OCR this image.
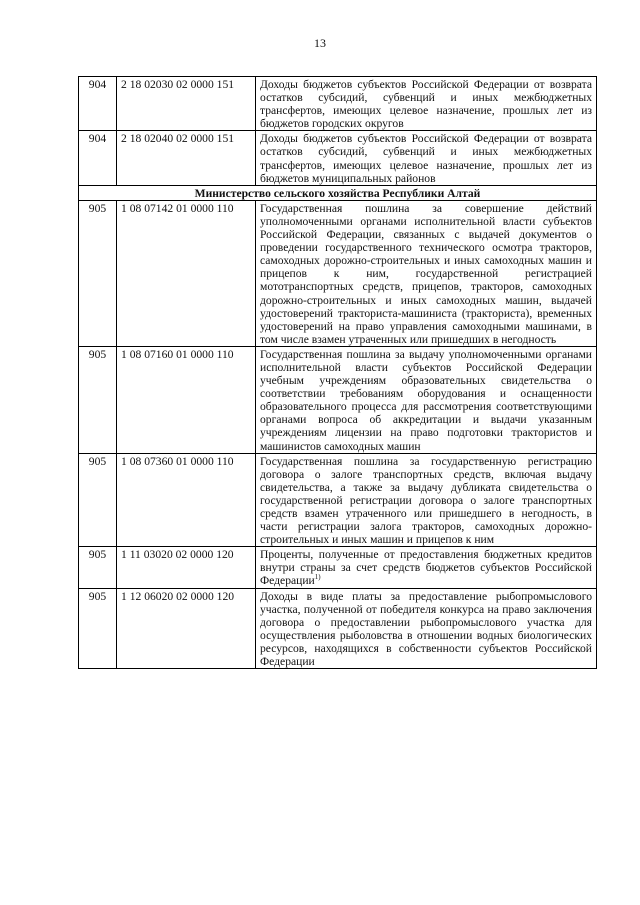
13
904	2 18 02030 02 0000 151	Доходы бюджетов субъектов Российской Федерации от возврата остатков субсидий, субвенций и иных межбюджетных трансфертов, имеющих целевое назначение, прошлых лет из бюджетов городских округов
904	2 18 02040 02 0000 151	Доходы бюджетов субъектов Российской Федерации от возврата остатков субсидий, субвенций и иных межбюджетных трансфертов, имеющих целевое назначение, прошлых лет из бюджетов муниципальных районов
Министерство сельского хозяйства Республики Алтай		
905	1 08 07142 01 0000 110	Государственная пошлина за совершение действий уполномоченными органами исполнительной власти субъектов Российской Федерации, связанных с выдачей документов о проведении государственного технического осмотра тракторов, самоходных дорожно-строительных и иных самоходных машин и прицепов к ним, государственной регистрацией мототранспортных средств, прицепов, тракторов, самоходных дорожно-строительных и иных самоходных машин, выдачей удостоверений тракториста-машиниста (тракториста), временных удостоверений на право управления самоходными машинами, в том числе взамен утраченных или пришедших в негодность
905	1 08 07160 01 0000 110	Государственная пошлина за выдачу уполномоченными органами исполнительной власти субъектов Российской Федерации учебным учреждениям образовательных свидетельства о соответствии требованиям оборудования и оснащенности образовательного процесса для рассмотрения соответствующими органами вопроса об аккредитации и выдачи указанным учреждениям лицензии на право подготовки трактористов и машинистов самоходных машин
905	1 08 07360 01 0000 110	Государственная пошлина за государственную регистрацию договора о залоге транспортных средств, включая выдачу свидетельства, а также за выдачу дубликата свидетельства о государственной регистрации договора о залоге транспортных средств взамен утраченного или пришедшего в негодность, в части регистрации залога тракторов, самоходных дорожно-строительных и иных машин и прицепов к ним
905	1 11 03020 02 0000 120	Проценты, полученные от предоставления бюджетных кредитов внутри страны за счет средств бюджетов субъектов Российской Федерации$^{1)}$
905	1 12 06020 02 0000 120	Доходы в виде платы за предоставление рыбопромыслового участка, полученной от победителя конкурса на право заключения договора о предоставлении рыбопромыслового участка для осуществления рыболовства в отношении водных биологических ресурсов, находящихся в собственности субъектов Российской Федерации
